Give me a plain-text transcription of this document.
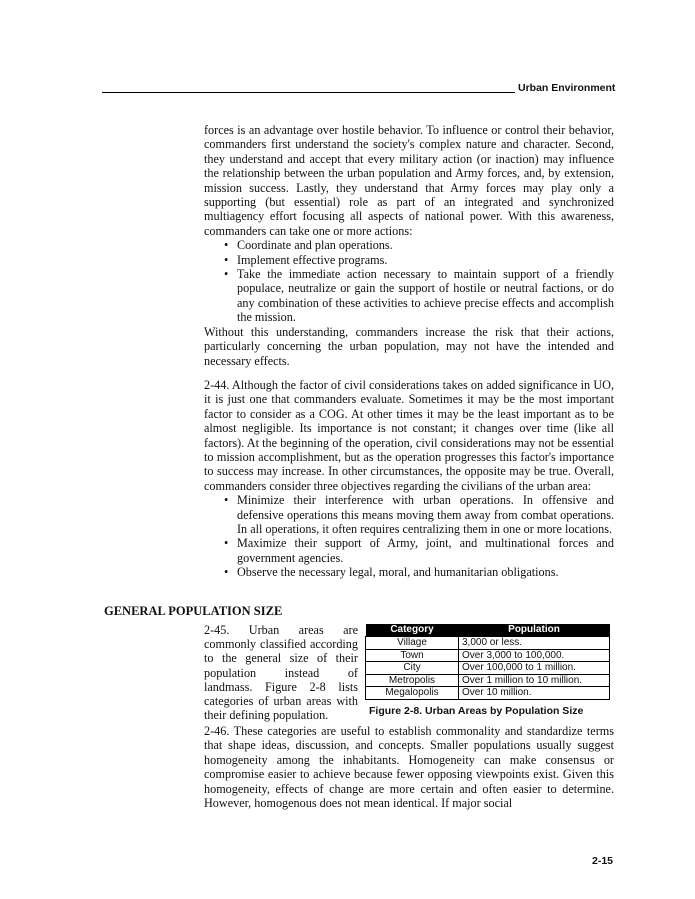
Urban Environment

forces is an advantage over hostile behavior. To influence or control their behavior, commanders first understand the society's complex nature and character. Second, they understand and accept that every military action (or inaction) may influence the relationship between the urban population and Army forces, and, by extension, mission success. Lastly, they understand that Army forces may play only a supporting (but essential) role as part of an integrated and synchronized multiagency effort focusing all aspects of national power. With this awareness, commanders can take one or more actions:

• Coordinate and plan operations.
• Implement effective programs.
• Take the immediate action necessary to maintain support of a friendly populace, neutralize or gain the support of hostile or neutral factions, or do any combination of these activities to achieve precise effects and accomplish the mission.

Without this understanding, commanders increase the risk that their actions, particularly concerning the urban population, may not have the intended and necessary effects.

2-44. Although the factor of civil considerations takes on added significance in UO, it is just one that commanders evaluate. Sometimes it may be the most important factor to consider as a COG. At other times it may be the least important as to be almost negligible. Its importance is not constant; it changes over time (like all factors). At the beginning of the operation, civil considerations may not be essential to mission accomplishment, but as the operation progresses this factor's importance to success may increase. In other circumstances, the opposite may be true. Overall, commanders consider three objectives regarding the civilians of the urban area:

• Minimize their interference with urban operations. In offensive and defensive operations this means moving them away from combat operations. In all operations, it often requires centralizing them in one or more locations.
• Maximize their support of Army, joint, and multinational forces and government agencies.
• Observe the necessary legal, moral, and humanitarian obligations.
GENERAL POPULATION SIZE

2-45. Urban areas are commonly classified according to the general size of their population instead of landmass. Figure 2-8 lists categories of urban areas with their defining population.

Category	Population
Village	3,000 or less.
Town	Over 3,000 to 100,000.
City	Over 100,000 to 1 million.
Metropolis	Over 1 million to 10 million.
Megalopolis	Over 10 million.
Figure 2-8. Urban Areas by Population Size

2-46. These categories are useful to establish commonality and standardize terms that shape ideas, discussion, and concepts. Smaller populations usually suggest homogeneity among the inhabitants. Homogeneity can make consensus or compromise easier to achieve because fewer opposing viewpoints exist. Given this homogeneity, effects of change are more certain and often easier to determine. However, homogenous does not mean identical. If major social

2-15
